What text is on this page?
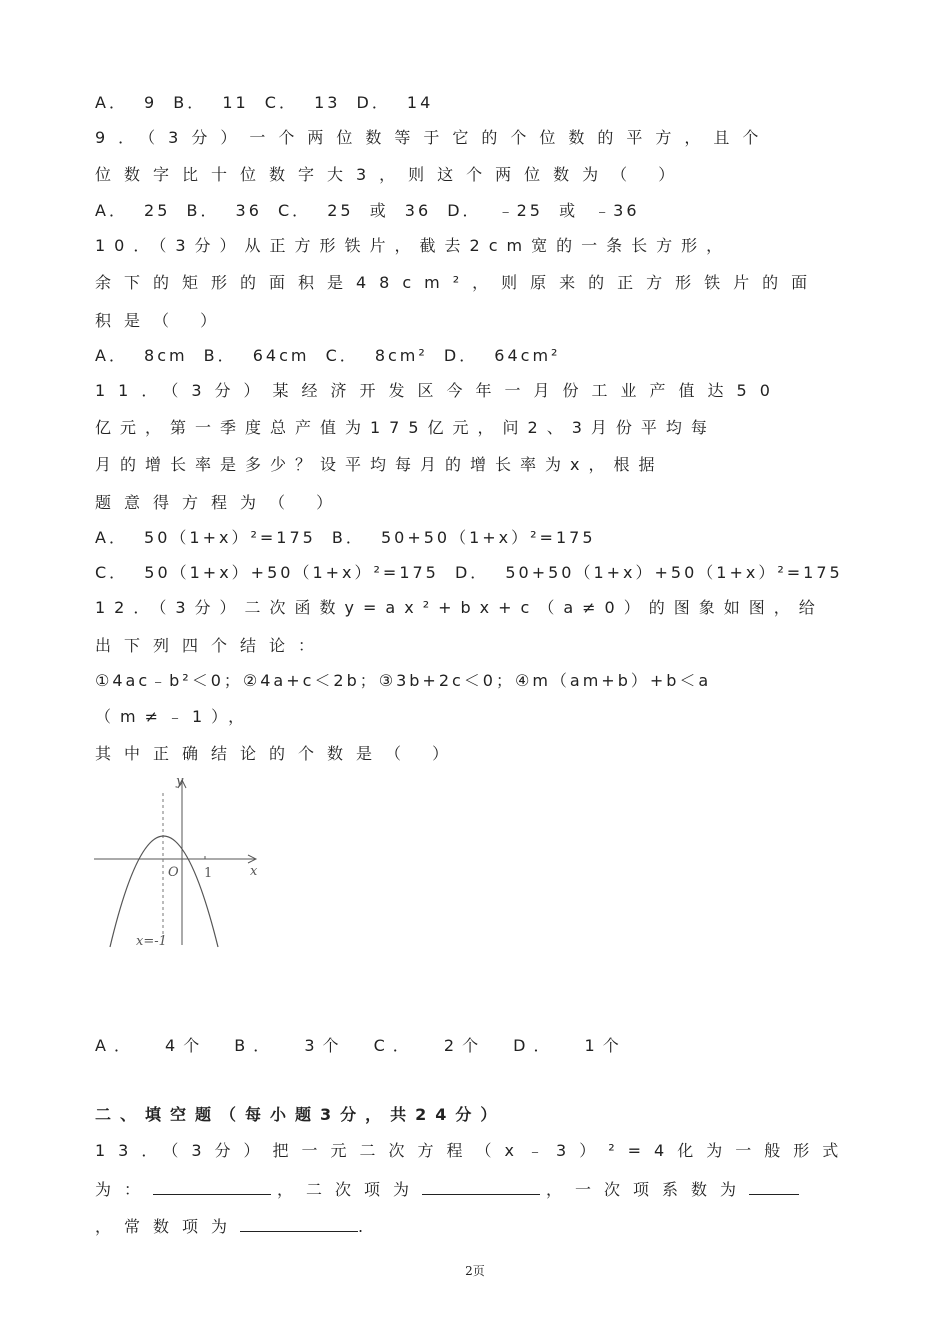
A． 9 B． 11 C． 13 D． 14
9．（3分）一个两位数等于它的个位数的平方，且个
位数字比十位数字大3，则这个两位数为（ ）
A． 25 B． 36 C． 25 或 36 D． ﹣25 或 ﹣36
10．（3分）从正方形铁片，截去2cm宽的一条长方形，
余下的矩形的面积是48cm²，则原来的正方形铁片的面
积是（ ）
A． 8cm B． 64cm C． 8cm² D． 64cm²
11．（3分）某经济开发区今年一月份工业产值达50
亿元，第一季度总产值为175亿元，问2、3月份平均每
月的增长率是多少？设平均每月的增长率为x，根据
题意得方程为（ ）
A． 50（1+x）²=175 B． 50+50（1+x）²=175
C． 50（1+x）+50（1+x）²=175 D． 50+50（1+x）+50（1+x）²=175
12．（3分）二次函数y=ax²+bx+c（a≠0）的图象如图，给
出下列四个结论：
①4ac﹣b²＜0；②4a+c＜2b；③3b+2c＜0；④m（am+b）+b＜a
（m≠﹣1），
其中正确结论的个数是（ ）
y
x
O 1
x=-1
A． 4个 B． 3个 C． 2个 D． 1个
二、填空题（每小题3分，共24分）
13．（3分）把一元二次方程（x﹣3）²=4化为一般形式
为：	，二次项为	，一次项系数为
，常数项为	.
2页
